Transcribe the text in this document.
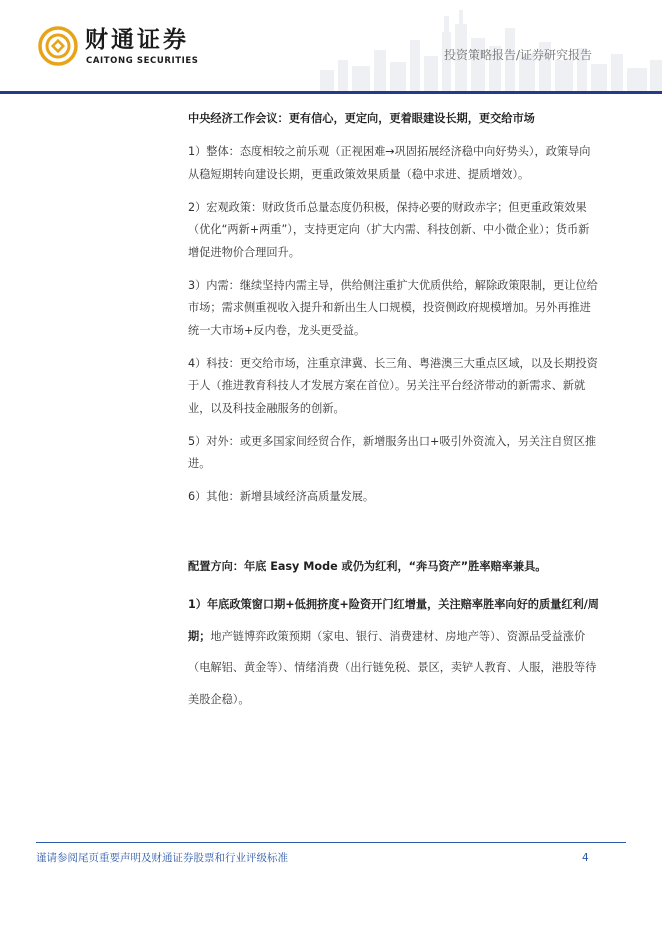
财通证券
CAITONG SECURITIES	投资策略报告/证券研究报告

中央经济工作会议：更有信心，更定向，更着眼建设长期，更交给市场

1）整体：态度相较之前乐观（正视困难→巩固拓展经济稳中向好势头），政策导向从稳短期转向建设长期，更重政策效果质量（稳中求进、提质增效）。

2）宏观政策：财政货币总量态度仍积极，保持必要的财政赤字；但更重政策效果（优化“两新+两重”），支持更定向（扩大内需、科技创新、中小微企业）；货币新增促进物价合理回升。

3）内需：继续坚持内需主导，供给侧注重扩大优质供给，解除政策限制，更让位给市场；需求侧重视收入提升和新出生人口规模，投资侧政府规模增加。另外再推进统一大市场+反内卷，龙头更受益。

4）科技：更交给市场，注重京津冀、长三角、粤港澳三大重点区域，以及长期投资于人（推进教育科技人才发展方案在首位）。另关注平台经济带动的新需求、新就业，以及科技金融服务的创新。

5）对外：或更多国家间经贸合作，新增服务出口+吸引外资流入，另关注自贸区推进。

6）其他：新增县域经济高质量发展。

配置方向：年底 Easy Mode 或仍为红利，“奔马资产”胜率赔率兼具。

1）年底政策窗口期+低拥挤度+险资开门红增量，关注赔率胜率向好的质量红利/周期；地产链博弈政策预期（家电、银行、消费建材、房地产等）、资源品受益涨价（电解铝、黄金等）、情绪消费（出行链免税、景区，卖铲人教育、人服，港股等待美股企稳）。

谨请参阅尾页重要声明及财通证券股票和行业评级标准	4
